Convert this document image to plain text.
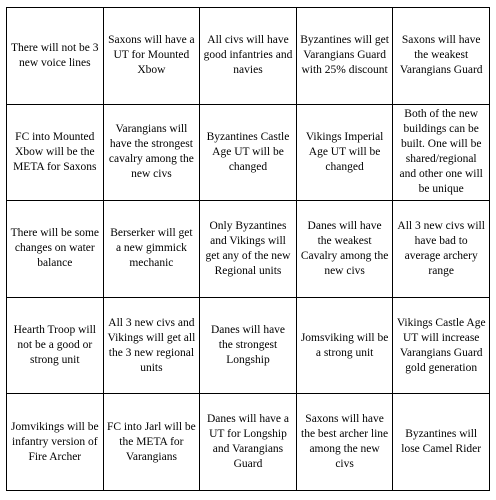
There will not be 3 new voice lines
Saxons will have a UT for Mounted Xbow
All civs will have good infantries and navies
Byzantines will get Varangians Guard with 25% discount
Saxons will have the weakest Varangians Guard
FC into Mounted Xbow will be the META for Saxons
Varangians will have the strongest cavalry among the new civs
Byzantines Castle Age UT will be changed
Vikings Imperial Age UT will be changed
Both of the new buildings can be built. One will be shared/regional and other one will be unique
There will be some changes on water balance
Berserker will get a new gimmick mechanic
Only Byzantines and Vikings will get any of the new Regional units
Danes will have the weakest Cavalry among the new civs
All 3 new civs will have bad to average archery range
Hearth Troop will not be a good or strong unit
All 3 new civs and Vikings will get all the 3 new regional units
Danes will have the strongest Longship
Jomsviking will be a strong unit
Vikings Castle Age UT will increase Varangians Guard gold generation
Jomvikings will be infantry version of Fire Archer
FC into Jarl will be the META for Varangians
Danes will have a UT for Longship and Varangians Guard
Saxons will have the best archer line among the new civs
Byzantines will lose Camel Rider
